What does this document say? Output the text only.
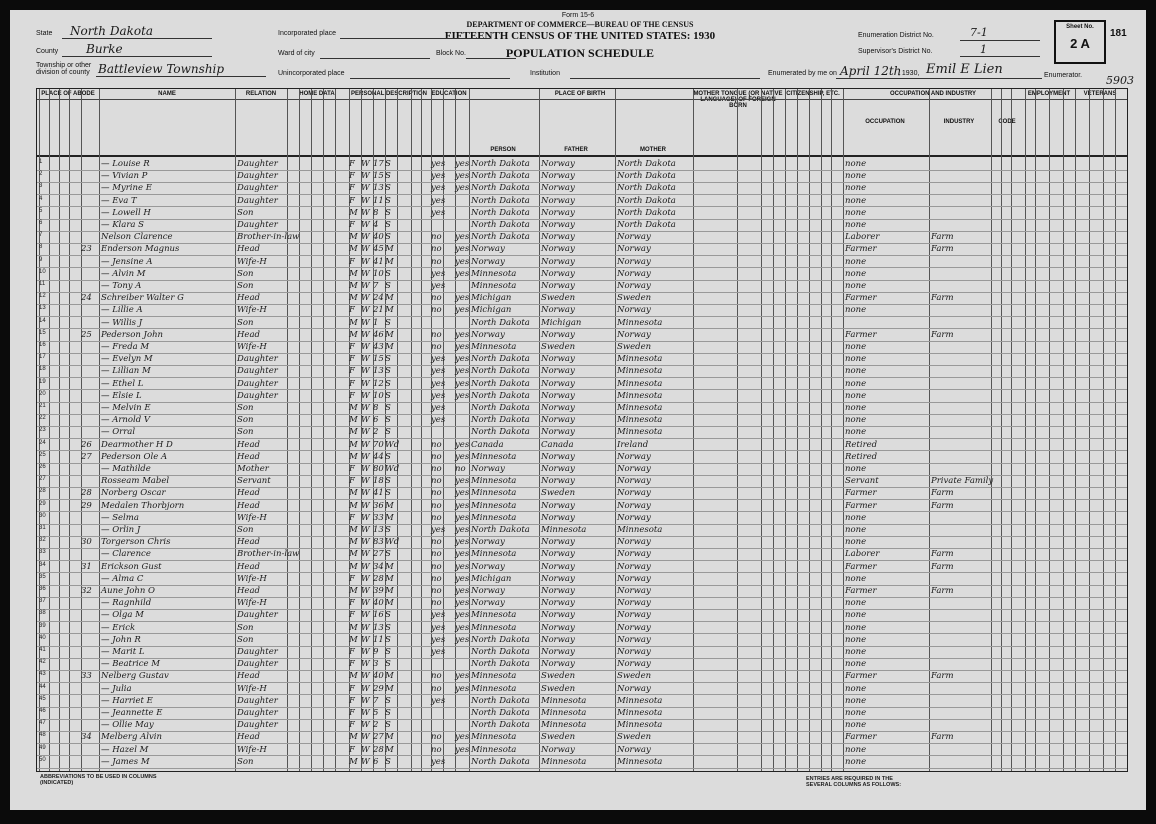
Form 15-6
DEPARTMENT OF COMMERCE—BUREAU OF THE CENSUS
FIFTEENTH CENSUS OF THE UNITED STATES: 1930
POPULATION SCHEDULE
State North Dakota
County Burke
Township or other division of county Battleview Township
Incorporated place
Ward of city	Block No.
Unincorporated place	Institution
Enumeration District No.	7-1
Supervisor's District No.	1
Enumerated by me on April 12th
, 1930, Emil E Lien	Enumerator.
Sheet No.
2 A
181
5903
PLACE OF ABODE	NAME	RELATION	HOME DATA	PERSONAL DESCRIPTION EDUCATION	PLACE OF BIRTH	MOTHER TONGUE (OR NATIVE LANGUAGE) OF FOREIGN BORN
CITIZENSHIP, ETC.	OCCUPATION AND INDUSTRY	EMPLOYMENT	VETERANS
PERSON	FATHER	MOTHER
OCCUPATION	INDUSTRY	CODE
1	— Louise R	Daughter	F W 17 S	yes yes North Dakota	Norway	North Dakota	none
2	— Vivian P	Daughter	F W 15 S	yes yes North Dakota	Norway	North Dakota	none
3	— Myrine E	Daughter	F W 13 S	yes yes North Dakota	Norway	North Dakota	none
4	— Eva T	Daughter	F W 11 S	yes	North Dakota	Norway	North Dakota	none
5	— Lowell H	Son	M W 8 S	yes	North Dakota	Norway	North Dakota	none
6	— Klara S	Daughter	F W 4 S	North Dakota	Norway	North Dakota	none
7	Nelson Clarence	Brother-in-law	M W 40 S	no yes North Dakota	Norway	Norway	Laborer	Farm
8	23	Enderson Magnus	Head	M W 45 M	no yes Norway	Norway	Norway	Farmer	Farm
9	— Jensine A	Wife-H	F W 41 M	no yes Norway	Norway	Norway	none
10	— Alvin M	Son	M W 10 S	yes yes Minnesota	Norway	Norway	none
11	— Tony A	Son	M W 7 S	yes	Minnesota	Norway	Norway	none
12	24	Schreiber Walter G	Head	M W 24 M	no yes Michigan	Sweden	Sweden	Farmer	Farm
13	— Lillie A	Wife-H	F W 21 M	no yes Michigan	Norway	Norway	none
14	— Willis J	Son	M W 1 S	North Dakota	Michigan	Minnesota
15	25	Pederson John	Head	M W 46 M	no yes Norway	Norway	Norway	Farmer	Farm
16	— Freda M	Wife-H	F W 43 M	no yes Minnesota	Sweden	Sweden	none
17	— Evelyn M	Daughter	F W 15 S	yes yes North Dakota	Norway	Minnesota	none
18	— Lillian M	Daughter	F W 13 S	yes yes North Dakota	Norway	Minnesota	none
19	— Ethel L	Daughter	F W 12 S	yes yes North Dakota	Norway	Minnesota	none
20	— Elsie L	Daughter	F W 10 S	yes yes North Dakota	Norway	Minnesota	none
21	— Melvin E	Son	M W 8 S	yes	North Dakota	Norway	Minnesota	none
22	— Arnold V	Son	M W 6 S	yes	North Dakota	Norway	Minnesota	none
23	— Orral	Son	M W 2 S	North Dakota	Norway	Minnesota	none
24	26	Dearmother H D	Head	M W 70 Wd	no yes Canada	Canada	Ireland	Retired
25	27	Pederson Ole A	Head	M W 44 S	no yes Minnesota	Norway	Norway	Retired
26	— Mathilde	Mother	F W 80 Wd	no no Norway	Norway	Norway	none
27	Rosseam Mabel	Servant	F W 18 S	no yes Minnesota	Norway	Norway	Servant	Private Family
28	28	Norberg Oscar	Head	M W 41 S	no yes Minnesota	Sweden	Norway	Farmer	Farm
29	29	Medalen Thorbjorn	Head	M W 36 M	no yes Minnesota	Norway	Norway	Farmer	Farm
30	— Selma	Wife-H	F W 33 M	no yes Minnesota	Norway	Norway	none
31	— Orlin J	Son	M W 13 S	yes yes North Dakota	Minnesota	Minnesota	none
32	30	Torgerson Chris	Head	M W 83 Wd	no yes Norway	Norway	Norway	none
33	— Clarence	Brother-in-law	M W 27 S	no yes Minnesota	Norway	Norway	Laborer	Farm
34	31	Erickson Gust	Head	M W 34 M	no yes Norway	Norway	Norway	Farmer	Farm
35	— Alma C	Wife-H	F W 28 M	no yes Michigan	Norway	Norway	none
36	32	Aune John O	Head	M W 39 M	no yes Norway	Norway	Norway	Farmer	Farm
37	— Ragnhild	Wife-H	F W 40 M	no yes Norway	Norway	Norway	none
38	— Olga M	Daughter	F W 16 S	yes yes Minnesota	Norway	Norway	none
39	— Erick	Son	M W 13 S	yes yes Minnesota	Norway	Norway	none
40	— John R	Son	M W 11 S	yes yes North Dakota	Norway	Norway	none
41	— Marit L	Daughter	F W 9 S	yes	North Dakota	Norway	Norway	none
42	— Beatrice M	Daughter	F W 3 S	North Dakota	Norway	Norway	none
43	33	Nelberg Gustav	Head	M W 40 M	no yes Minnesota	Sweden	Sweden	Farmer	Farm
44	— Julia	Wife-H	F W 29 M	no yes Minnesota	Sweden	Norway	none
45	— Harriet E	Daughter	F W 7 S	yes	North Dakota	Minnesota	Minnesota	none
46	— Jeannette E	Daughter	F W 5 S	North Dakota	Minnesota	Minnesota	none
47	— Ollie May	Daughter	F W 2 S	North Dakota	Minnesota	Minnesota	none
48	34	Melberg Alvin	Head	M W 27 M	no yes Minnesota	Sweden	Sweden	Farmer	Farm
49	— Hazel M	Wife-H	F W 28 M	no yes Minnesota	Norway	Norway	none
50	— James M	Son	M W 6 S	yes	North Dakota	Minnesota	Minnesota	none
ABBREVIATIONS TO BE USED IN COLUMNS (INDICATED)
ENTRIES ARE REQUIRED IN THE SEVERAL COLUMNS AS FOLLOWS:
